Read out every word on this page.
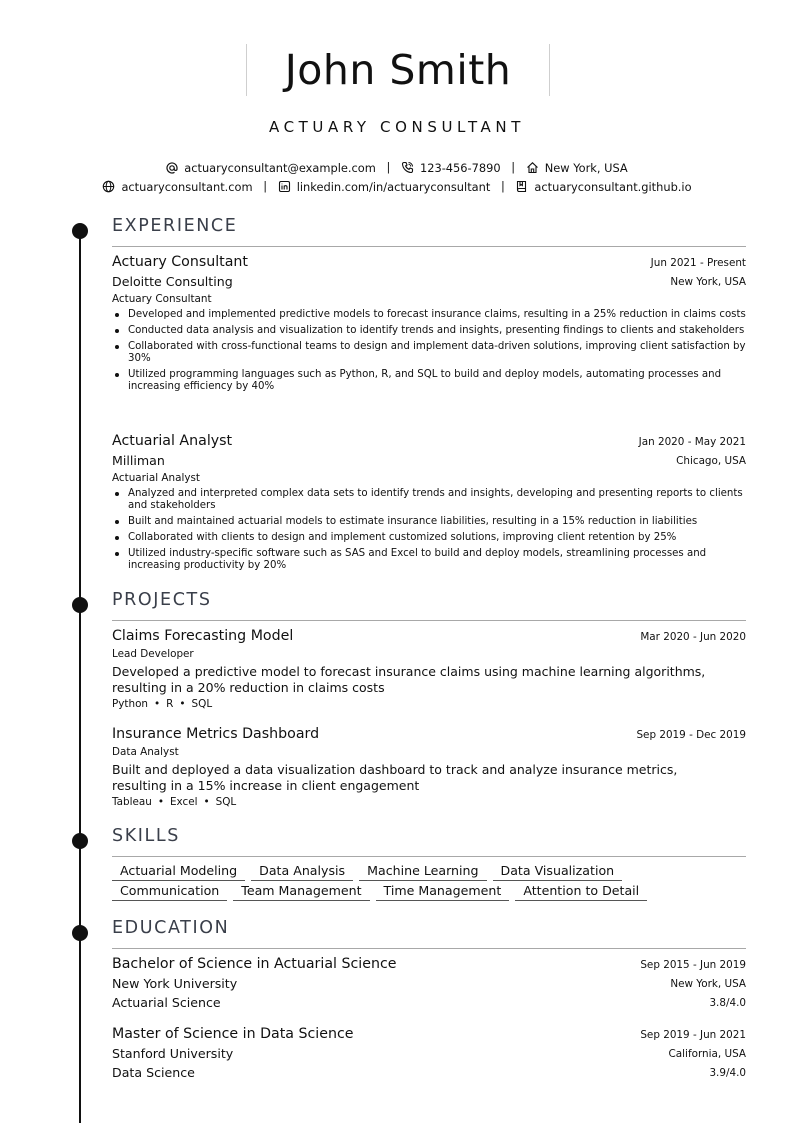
John Smith
ACTUARY CONSULTANT
actuaryconsultant@example.com |	123-456-7890 |	New York, USA
actuaryconsultant.com |	linkedin.com/in/actuaryconsultant |	actuaryconsultant.github.io
EXPERIENCE
Actuary Consultant	Jun 2021 - Present
Deloitte Consulting	New York, USA
Actuary Consultant
Developed and implemented predictive models to forecast insurance claims, resulting in a 25% reduction in claims costs
Conducted data analysis and visualization to identify trends and insights, presenting findings to clients and stakeholders
Collaborated with cross-functional teams to design and implement data-driven solutions, improving client satisfaction by 30%
Utilized programming languages such as Python, R, and SQL to build and deploy models, automating processes and increasing efficiency by 40%
Actuarial Analyst	Jan 2020 - May 2021
Milliman	Chicago, USA
Actuarial Analyst
Analyzed and interpreted complex data sets to identify trends and insights, developing and presenting reports to clients and stakeholders
Built and maintained actuarial models to estimate insurance liabilities, resulting in a 15% reduction in liabilities
Collaborated with clients to design and implement customized solutions, improving client retention by 25%
Utilized industry-specific software such as SAS and Excel to build and deploy models, streamlining processes and increasing productivity by 20%
PROJECTS
Claims Forecasting Model	Mar 2020 - Jun 2020
Lead Developer
Developed a predictive model to forecast insurance claims using machine learning algorithms, resulting in a 20% reduction in claims costs
Python • R • SQL
Insurance Metrics Dashboard	Sep 2019 - Dec 2019
Data Analyst
Built and deployed a data visualization dashboard to track and analyze insurance metrics, resulting in a 15% increase in client engagement
Tableau • Excel • SQL
SKILLS
Actuarial Modeling Data Analysis Machine Learning Data Visualization
Communication Team Management Time Management Attention to Detail
EDUCATION
Bachelor of Science in Actuarial Science	Sep 2015 - Jun 2019
New York University	New York, USA
Actuarial Science	3.8/4.0
Master of Science in Data Science	Sep 2019 - Jun 2021
Stanford University	California, USA
Data Science	3.9/4.0
